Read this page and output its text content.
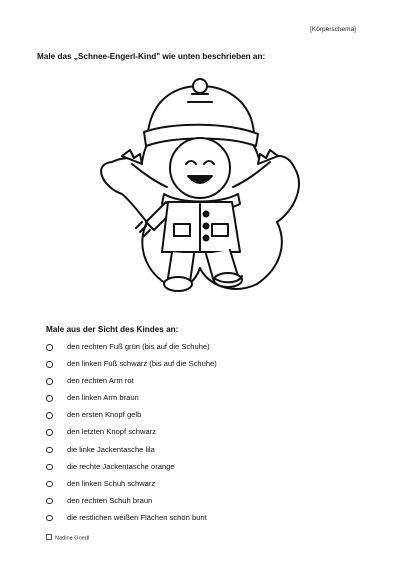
[Körperschema]
Male das „Schnee-Engerl-Kind" wie unten beschrieben an:
Male aus der Sicht des Kindes an:
den rechten Fuß grün (bis auf die Schuhe)
den linken Fuß schwarz (bis auf die Schuhe)
den rechten Arm rot
den linken Arm braun
den ersten Knopf gelb
den letzten Knopf schwarz
die linke Jackentasche lila
die rechte Jackentasche orange
den linken Schuh schwarz
den rechten Schuh braun
die restlichen weißen Flächen schön bunt
Nadine Goedl
